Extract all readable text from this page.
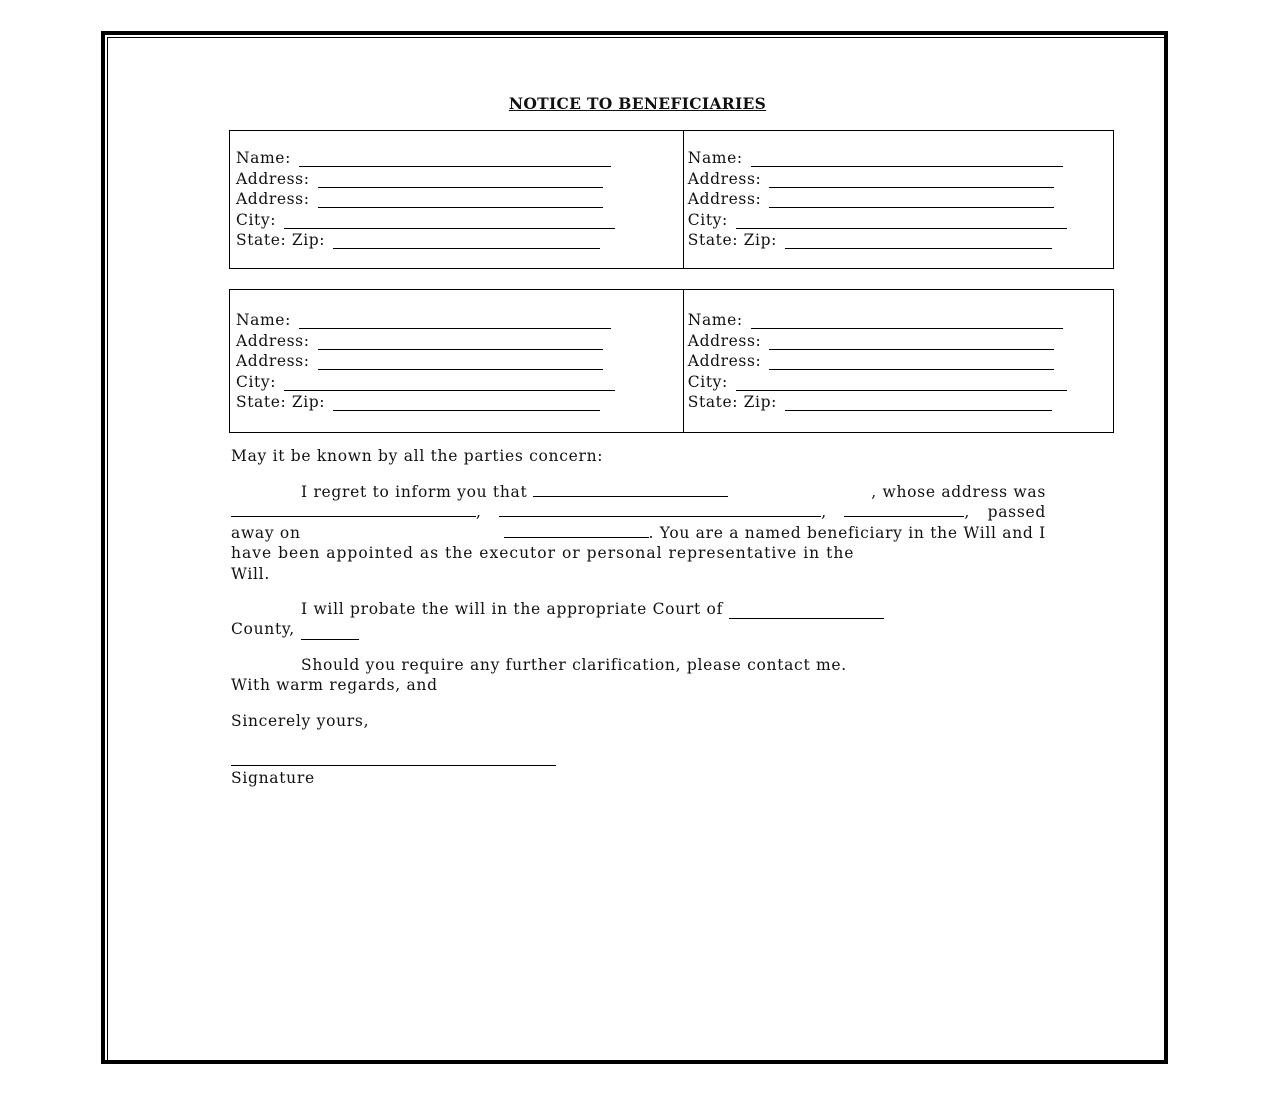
NOTICE TO BENEFICIARIES
Name:
Address:
Address:
City:
State: Zip:

Name:
Address:
Address:
City:
State: Zip:
Name:
Address:
Address:
City:
State: Zip:

Name:
Address:
Address:
City:
State: Zip:
May it be known by all the parties concern:
I regret to inform you that	, whose address was
,	,	, passed
away on	. You are a named beneficiary in the Will and I
have been appointed as the executor or personal representative in the
Will.
I will probate the will in the appropriate Court of

County,

Should you require any further clarification, please contact me.
With warm regards, and
Sincerely yours,
Signature
